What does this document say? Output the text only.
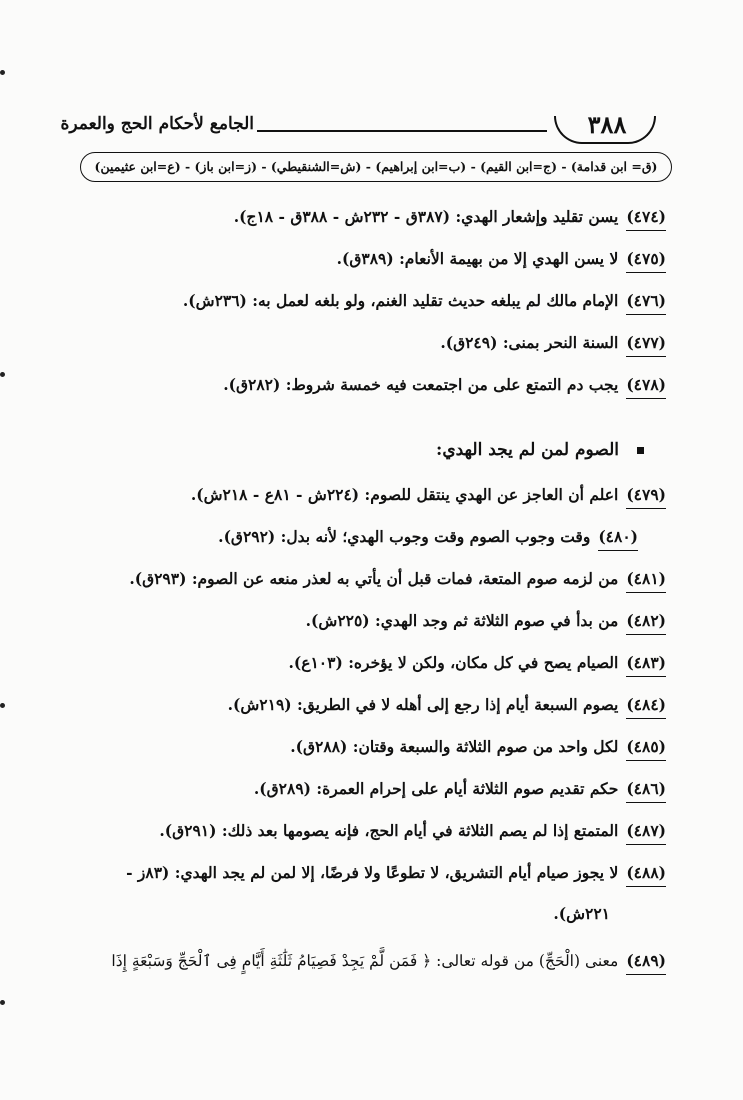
٣٨٨
الجامع لأحكام الحج والعمرة
(ق= ابن قدامة) - (ج=ابن القيم) - (ب=ابن إبراهيم) - (ش=الشنقيطي) - (ز=ابن باز) - (ع=ابن عثيمين)
(٤٧٤)يسن تقليد وإشعار الهدي: (٣٨٧ق - ٢٣٢ش - ٣٨٨ق - ١٨ج).
(٤٧٥)لا يسن الهدي إلا من بهيمة الأنعام: (٣٨٩ق).
(٤٧٦)الإمام مالك لم يبلغه حديث تقليد الغنم، ولو بلغه لعمل به: (٢٣٦ش).
(٤٧٧)السنة النحر بمنى: (٢٤٩ق).
(٤٧٨)يجب دم التمتع على من اجتمعت فيه خمسة شروط: (٢٨٢ق).
الصوم لمن لم يجد الهدي:
(٤٧٩)اعلم أن العاجز عن الهدي ينتقل للصوم: (٢٢٤ش - ٨١ع - ٢١٨ش).
(٤٨٠)وقت وجوب الصوم وقت وجوب الهدي؛ لأنه بدل: (٢٩٢ق).
(٤٨١)من لزمه صوم المتعة، فمات قبل أن يأتي به لعذر منعه عن الصوم: (٢٩٣ق).
(٤٨٢)من بدأ في صوم الثلاثة ثم وجد الهدي: (٢٢٥ش).
(٤٨٣)الصيام يصح في كل مكان، ولكن لا يؤخره: (١٠٣ع).
(٤٨٤)يصوم السبعة أيام إذا رجع إلى أهله لا في الطريق: (٢١٩ش).
(٤٨٥)لكل واحد من صوم الثلاثة والسبعة وقتان: (٢٨٨ق).
(٤٨٦)حكم تقديم صوم الثلاثة أيام على إحرام العمرة: (٢٨٩ق).
(٤٨٧)المتمتع إذا لم يصم الثلاثة في أيام الحج، فإنه يصومها بعد ذلك: (٢٩١ق).
(٤٨٨)لا يجوز صيام أيام التشريق، لا تطوعًا ولا فرضًا، إلا لمن لم يجد الهدي: (٨٣ز -
٢٢١ش).
(٤٨٩)معنى (الْحَجِّ) من قوله تعالى: ﴿ فَمَن لَّمْ يَجِدْ فَصِيَامُ ثَلَٰثَةِ أَيَّامٍ فِى ٱلْحَجِّ وَسَبْعَةٍ إِذَا
